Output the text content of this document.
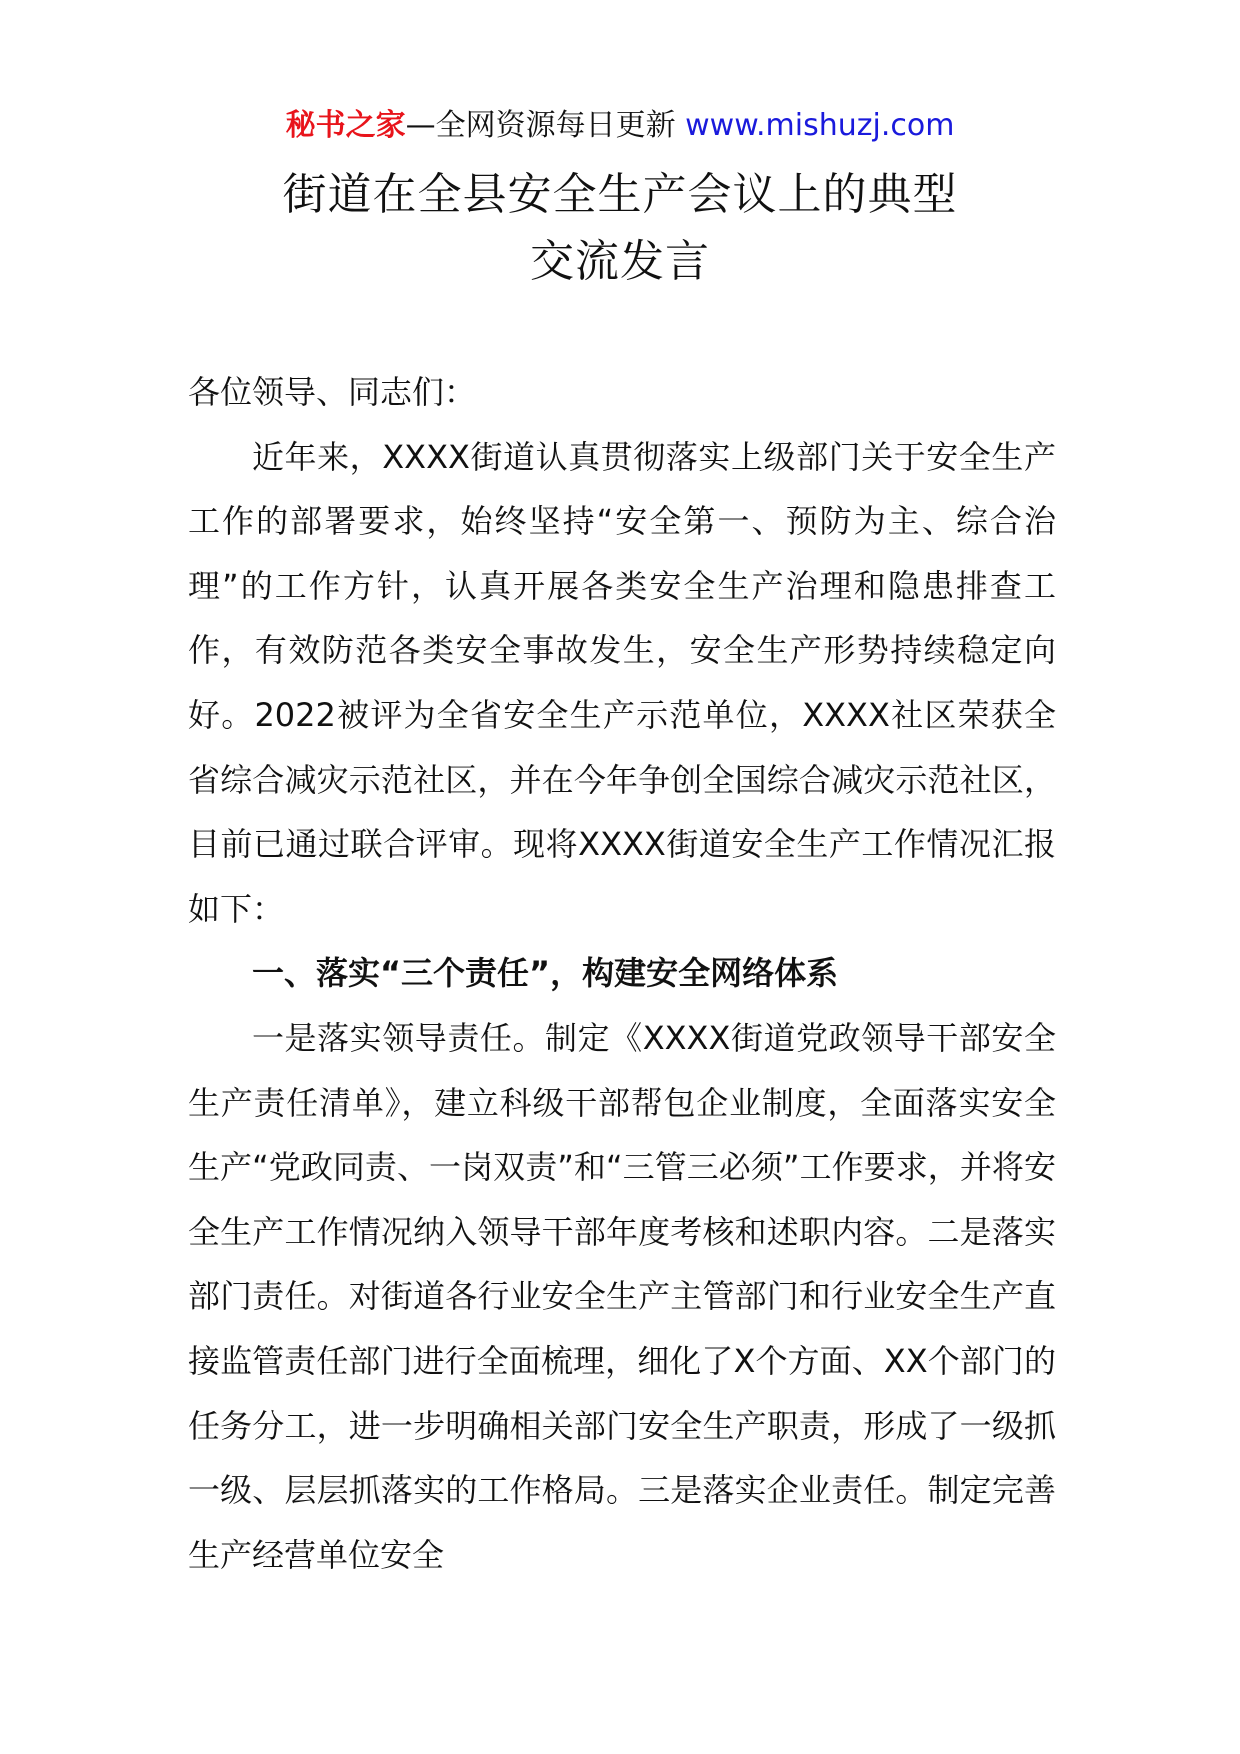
秘书之家—全网资源每日更新 www.mishuzj.com
街道在全县安全生产会议上的典型
交流发言

各位领导、同志们：

近年来，XXXX街道认真贯彻落实上级部门关于安全生产工作的部署要求，始终坚持“安全第一、预防为主、综合治理”的工作方针，认真开展各类安全生产治理和隐患排查工作，有效防范各类安全事故发生，安全生产形势持续稳定向好。2022被评为全省安全生产示范单位，XXXX社区荣获全省综合减灾示范社区，并在今年争创全国综合减灾示范社区，目前已通过联合评审。现将XXXX街道安全生产工作情况汇报如下：

一、落实“三个责任”，构建安全网络体系

一是落实领导责任。制定《XXXX街道党政领导干部安全生产责任清单》，建立科级干部帮包企业制度，全面落实安全生产“党政同责、一岗双责”和“三管三必须”工作要求，并将安全生产工作情况纳入领导干部年度考核和述职内容。二是落实部门责任。对街道各行业安全生产主管部门和行业安全生产直接监管责任部门进行全面梳理，细化了X个方面、XX个部门的任务分工，进一步明确相关部门安全生产职责，形成了一级抓一级、层层抓落实的工作格局。三是落实企业责任。制定完善生产经营单位安全
